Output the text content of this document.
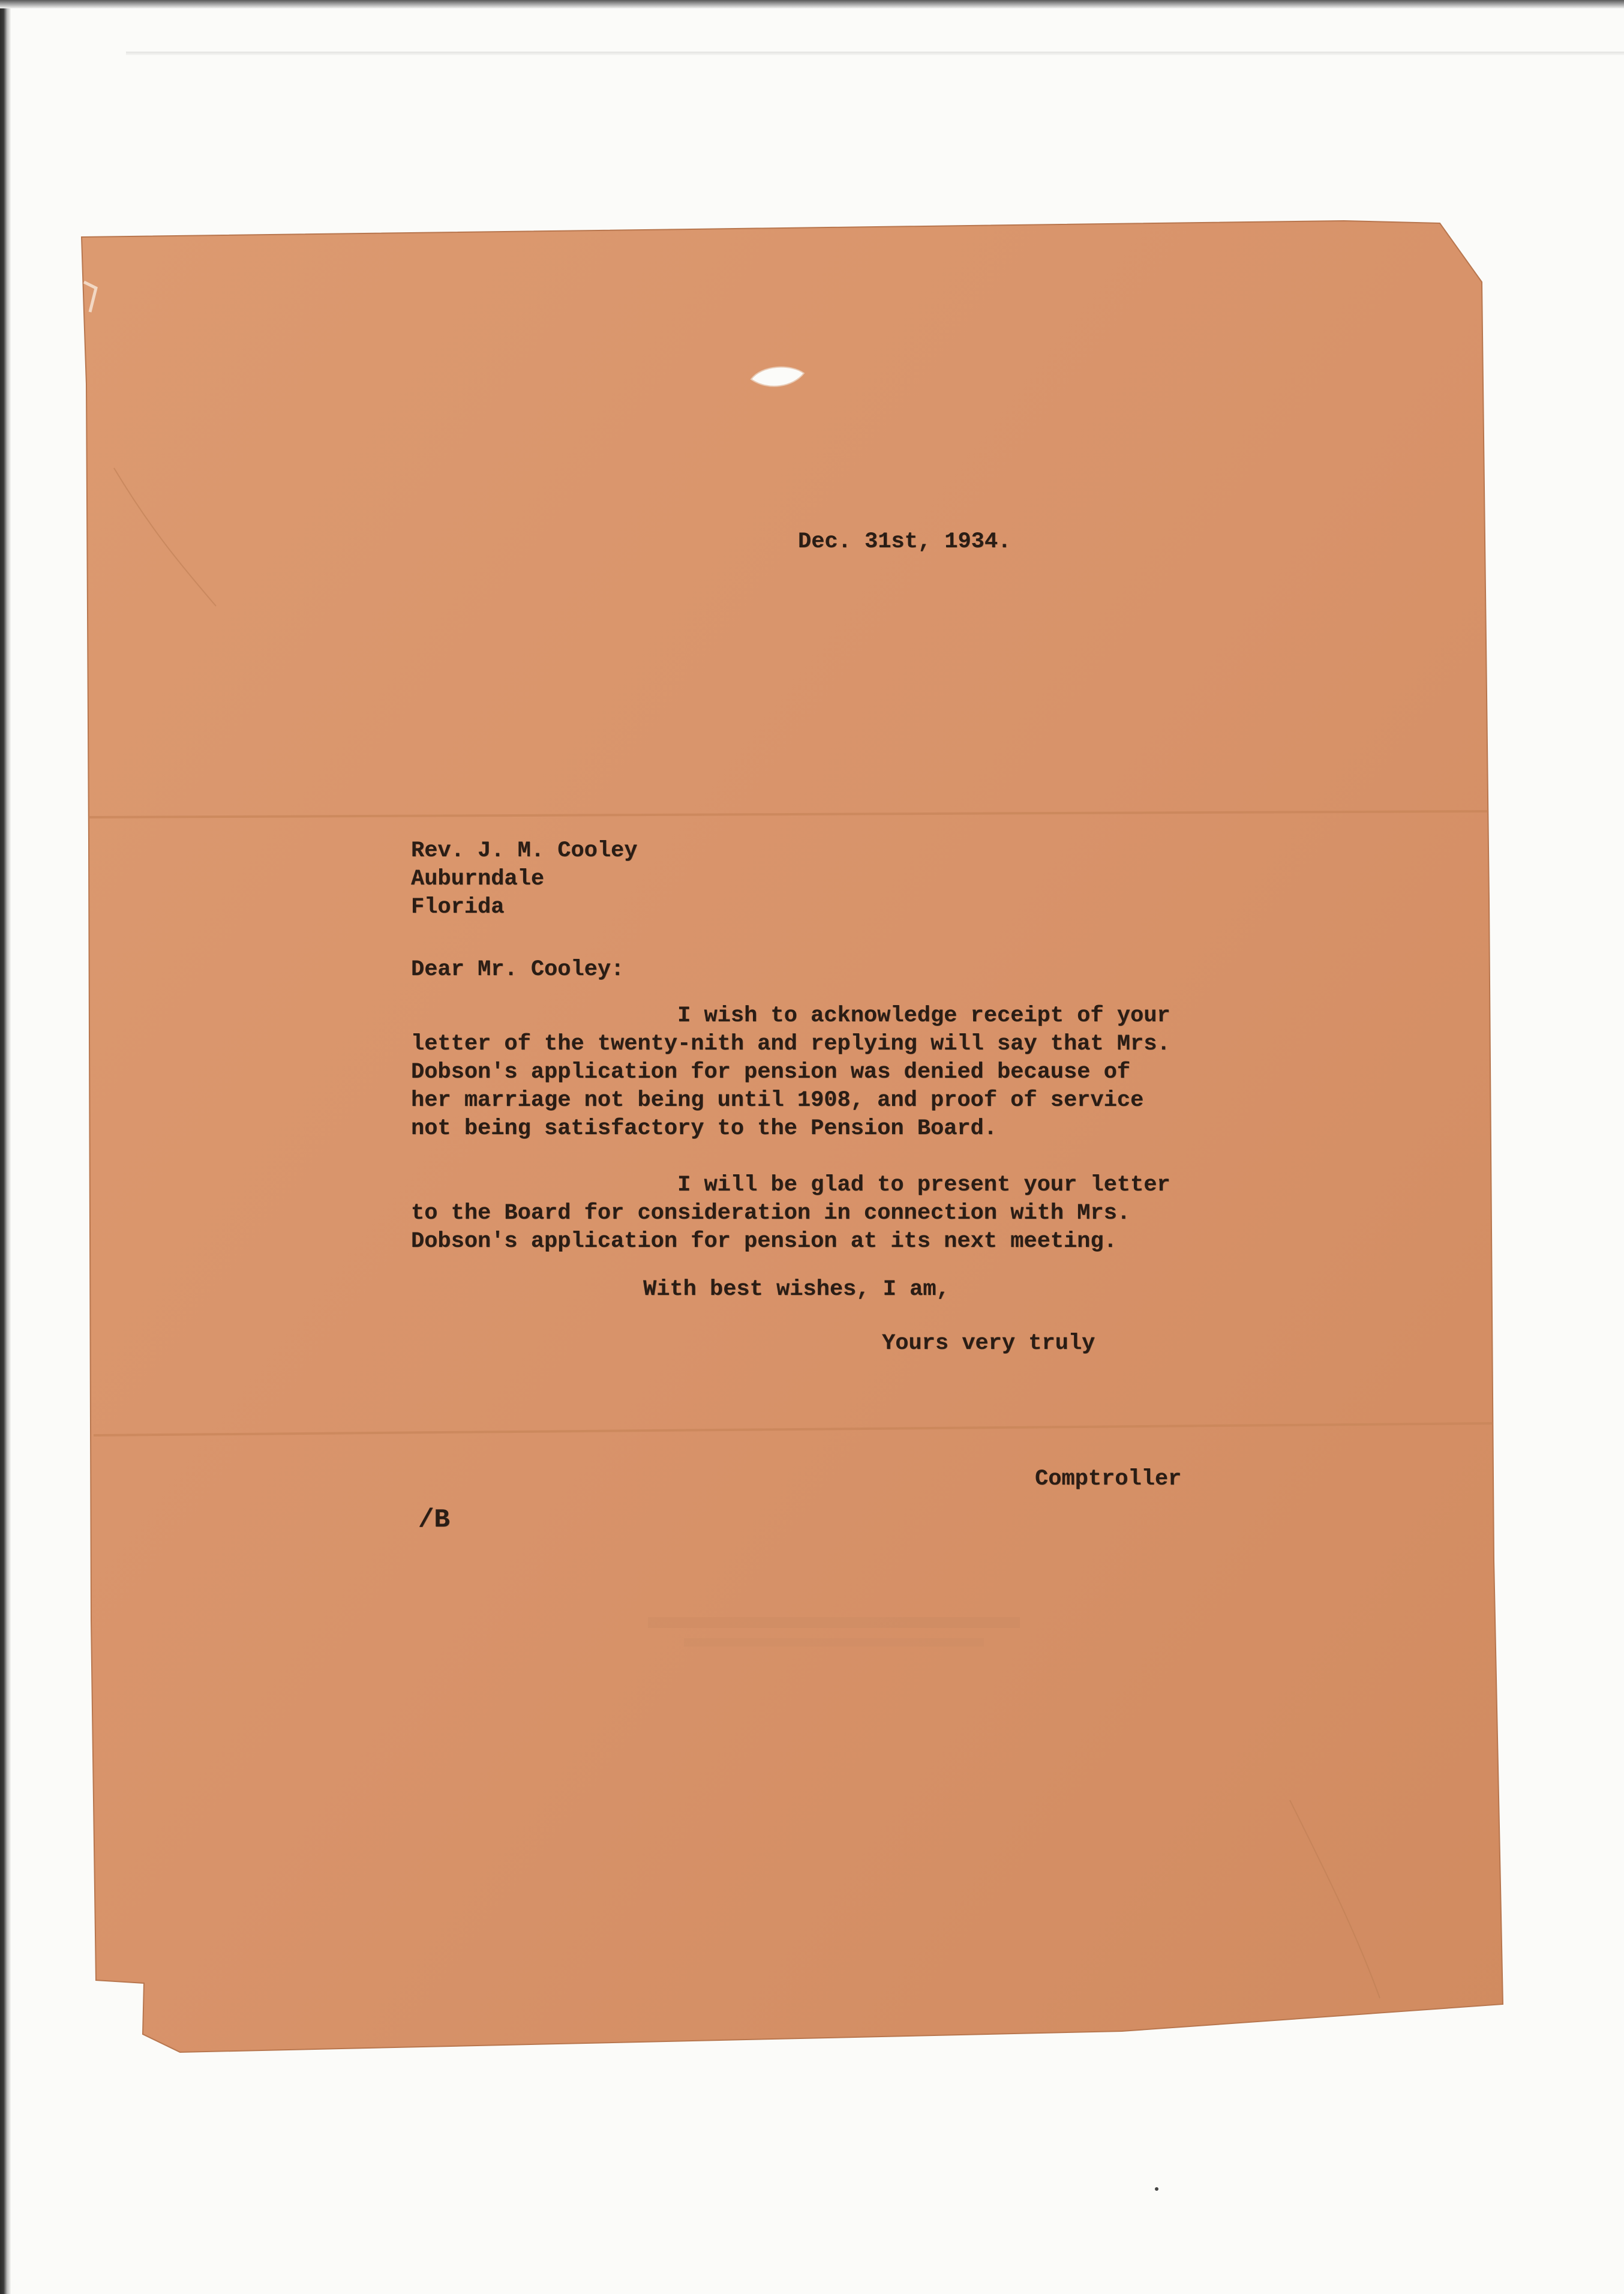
Dec. 31st, 1934.

Rev. J. M. Cooley
Auburndale
Florida

Dear Mr. Cooley:

I wish to acknowledge receipt of your
letter of the twenty-nith and replying will say that Mrs.
Dobson's application for pension was denied because of
her marriage not being until 1908, and proof of service
not being satisfactory to the Pension Board.

I will be glad to present your letter
to the Board for consideration in connection with Mrs.
Dobson's application for pension at its next meeting.

With best wishes, I am,

Yours very truly

Comptroller

/B
